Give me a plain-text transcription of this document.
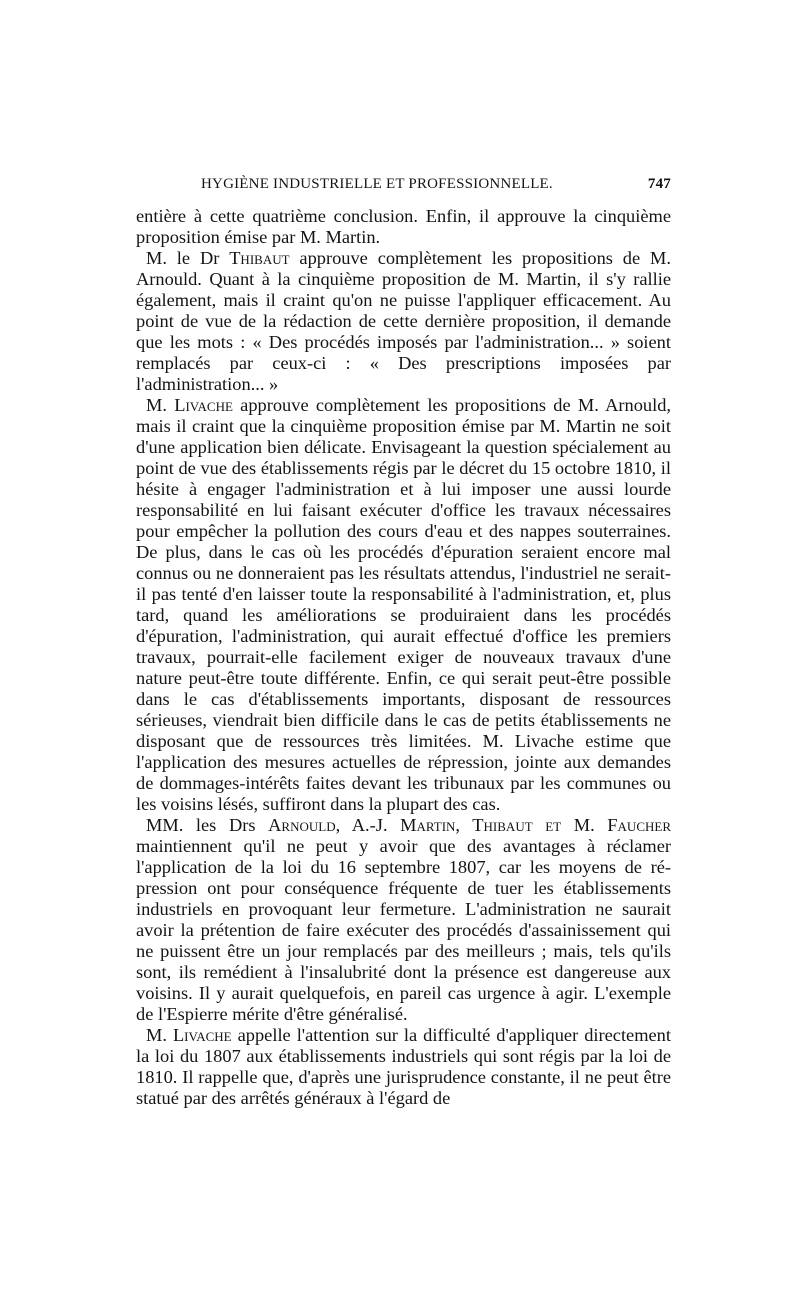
HYGIÈNE INDUSTRIELLE ET PROFESSIONNELLE.	747

entière à cette quatrième conclusion. Enfin, il approuve la cinquième proposition émise par M. Martin.

M. le Dr Thibaut approuve complètement les propositions de M. Arnould. Quant à la cinquième proposition de M. Martin, il s'y rallie également, mais il craint qu'on ne puisse l'appliquer efficacement. Au point de vue de la rédaction de cette dernière proposition, il demande que les mots : « Des procédés imposés par l'administration... » soient remplacés par ceux-ci : « Des prescriptions imposées par l'administration... »

M. Livache approuve complètement les propositions de M. Arnould, mais il craint que la cinquième proposition émise par M. Martin ne soit d'une application bien délicate. Envisageant la question spécialement au point de vue des établissements régis par le décret du 15 octobre 1810, il hésite à engager l'administration et à lui imposer une aussi lourde responsabilité en lui faisant exécuter d'office les travaux nécessaires pour empêcher la pollution des cours d'eau et des nappes souterraines. De plus, dans le cas où les procédés d'épuration seraient encore mal connus ou ne donneraient pas les résultats attendus, l'industriel ne serait-il pas tenté d'en laisser toute la responsabilité à l'administration, et, plus tard, quand les améliorations se produiraient dans les procédés d'épuration, l'administration, qui aurait effectué d'office les premiers travaux, pourrait-elle facilement exiger de nouveaux travaux d'une nature peut-être toute différente. Enfin, ce qui serait peut-être possible dans le cas d'établissements importants, disposant de ressources sérieuses, viendrait bien difficile dans le cas de petits établissements ne disposant que de ressources très limitées. M. Livache estime que l'application des mesures actuelles de répression, jointe aux demandes de dommages-intérêts faites devant les tribunaux par les communes ou les voisins lésés, suffiront dans la plupart des cas.

MM. les Drs Arnould, A.-J. Martin, Thibaut et M. Faucher maintiennent qu'il ne peut y avoir que des avantages à réclamer l'application de la loi du 16 septembre 1807, car les moyens de répression ont pour conséquence fréquente de tuer les établissements industriels en provoquant leur fermeture. L'administration ne saurait avoir la prétention de faire exécuter des procédés d'assainissement qui ne puissent être un jour remplacés par des meilleurs ; mais, tels qu'ils sont, ils remédient à l'insalubrité dont la présence est dangereuse aux voisins. Il y aurait quelquefois, en pareil cas urgence à agir. L'exemple de l'Espierre mérite d'être généralisé.

M. Livache appelle l'attention sur la difficulté d'appliquer directement la loi du 1807 aux établissements industriels qui sont régis par la loi de 1810. Il rappelle que, d'après une jurisprudence constante, il ne peut être statué par des arrêtés généraux à l'égard de
